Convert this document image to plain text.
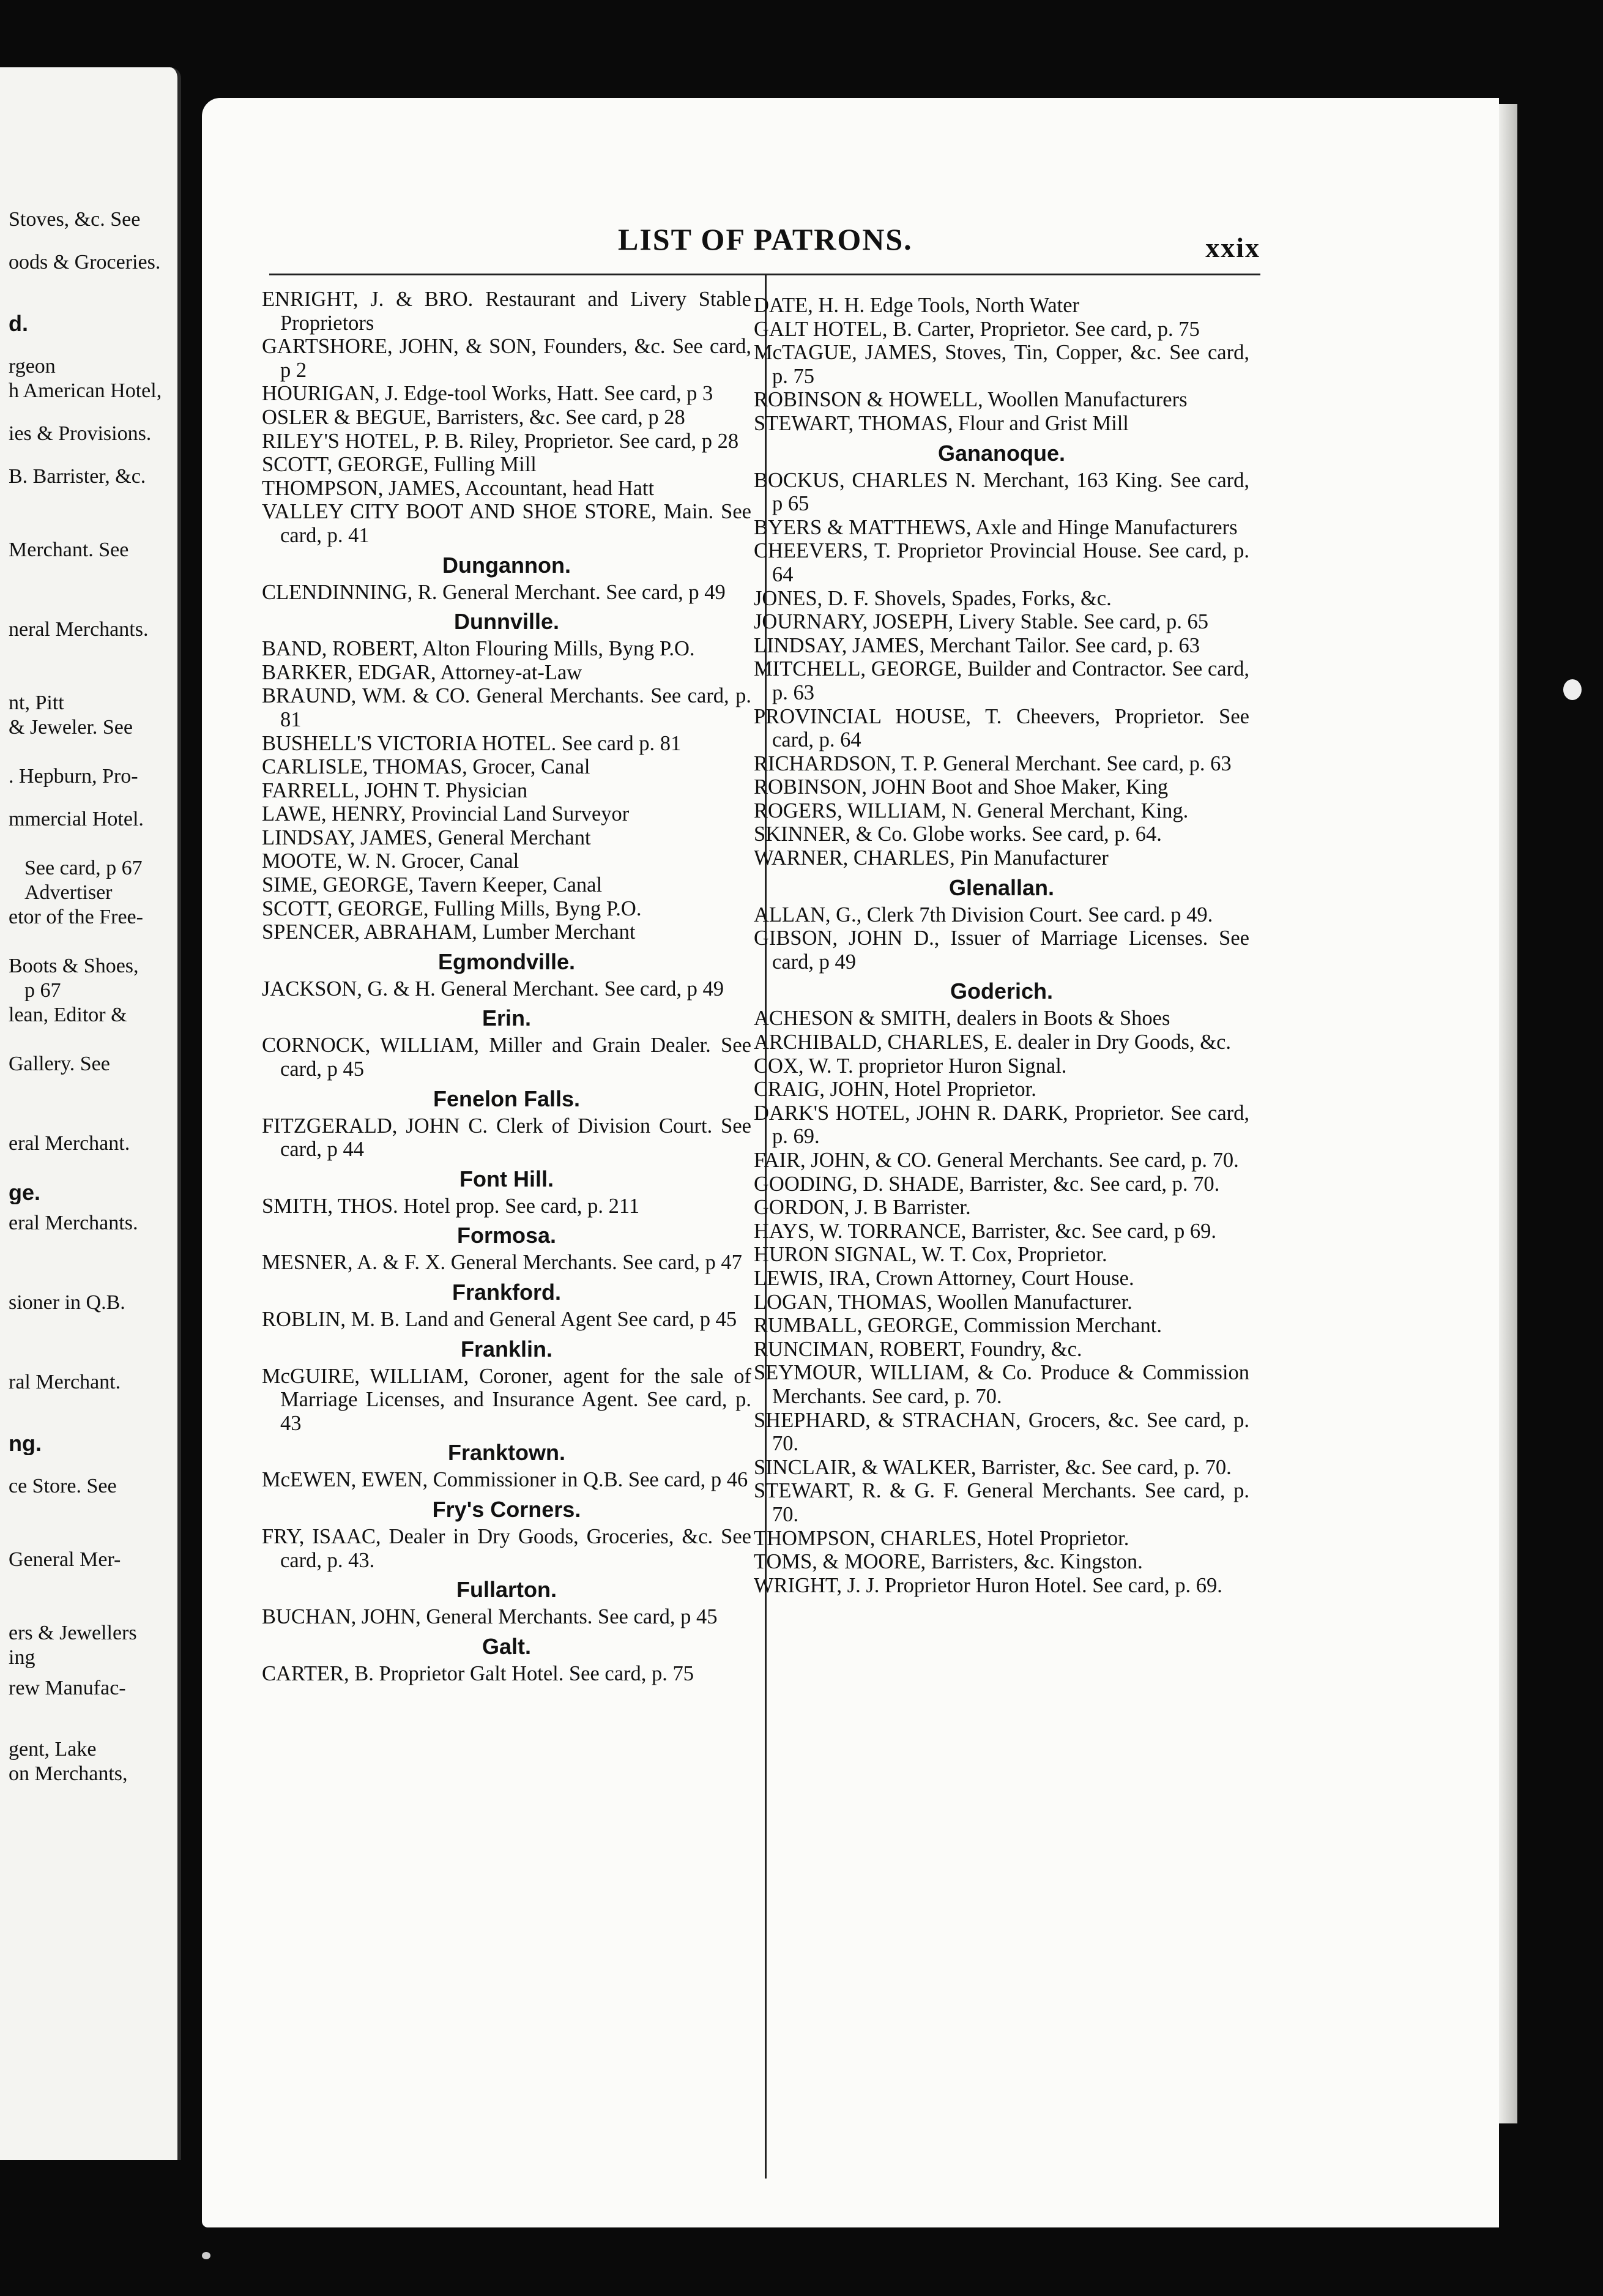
Stoves, &c. See
oods & Groceries.
d.
rgeon
h American Hotel,
ies & Provisions.
B. Barrister, &c.
Merchant. See
neral Merchants.
nt, Pitt
& Jeweler. See
. Hepburn, Pro-
mmercial Hotel.
See card, p 67
Advertiser
etor of the Free-
Boots & Shoes,
p 67
lean, Editor &
Gallery. See
eral Merchant.
ge.
eral Merchants.
sioner in Q.B.
ral Merchant.
ng.
ce Store. See
General Mer-
ers & Jewellers
ing
rew Manufac-
gent, Lake
on Merchants,
LIST OF PATRONS.	xxix

ENRIGHT, J. & BRO. Restaurant and Livery Stable Proprietors

GARTSHORE, JOHN, & SON, Founders, &c. See card, p 2

HOURIGAN, J. Edge-tool Works, Hatt. See card, p 3

OSLER & BEGUE, Barristers, &c. See card, p 28

RILEY'S HOTEL, P. B. Riley, Proprietor. See card, p 28

SCOTT, GEORGE, Fulling Mill

THOMPSON, JAMES, Accountant, head Hatt

VALLEY CITY BOOT AND SHOE STORE, Main. See card, p. 41

Dungannon.

CLENDINNING, R. General Merchant. See card, p 49

Dunnville.

BAND, ROBERT, Alton Flouring Mills, Byng P.O.

BARKER, EDGAR, Attorney-at-Law

BRAUND, WM. & CO. General Merchants. See card, p. 81

BUSHELL'S VICTORIA HOTEL. See card p. 81

CARLISLE, THOMAS, Grocer, Canal

FARRELL, JOHN T. Physician

LAWE, HENRY, Provincial Land Surveyor

LINDSAY, JAMES, General Merchant

MOOTE, W. N. Grocer, Canal

SIME, GEORGE, Tavern Keeper, Canal

SCOTT, GEORGE, Fulling Mills, Byng P.O.

SPENCER, ABRAHAM, Lumber Merchant

Egmondville.

JACKSON, G. & H. General Merchant. See card, p 49

Erin.

CORNOCK, WILLIAM, Miller and Grain Dealer. See card, p 45

Fenelon Falls.

FITZGERALD, JOHN C. Clerk of Division Court. See card, p 44

Font Hill.

SMITH, THOS. Hotel prop. See card, p. 211

Formosa.

MESNER, A. & F. X. General Merchants. See card, p 47

Frankford.

ROBLIN, M. B. Land and General Agent See card, p 45

Franklin.

McGUIRE, WILLIAM, Coroner, agent for the sale of Marriage Licenses, and Insurance Agent. See card, p. 43

Franktown.

McEWEN, EWEN, Commissioner in Q.B. See card, p 46

Fry's Corners.

FRY, ISAAC, Dealer in Dry Goods, Groceries, &c. See card, p. 43.

Fullarton.

BUCHAN, JOHN, General Merchants. See card, p 45

Galt.

CARTER, B. Proprietor Galt Hotel. See card, p. 75

DATE, H. H. Edge Tools, North Water

GALT HOTEL, B. Carter, Proprietor. See card, p. 75

McTAGUE, JAMES, Stoves, Tin, Copper, &c. See card, p. 75

ROBINSON & HOWELL, Woollen Manufacturers

STEWART, THOMAS, Flour and Grist Mill

Gananoque.

BOCKUS, CHARLES N. Merchant, 163 King. See card, p 65

BYERS & MATTHEWS, Axle and Hinge Manufacturers

CHEEVERS, T. Proprietor Provincial House. See card, p. 64

JONES, D. F. Shovels, Spades, Forks, &c.

JOURNARY, JOSEPH, Livery Stable. See card, p. 65

LINDSAY, JAMES, Merchant Tailor. See card, p. 63

MITCHELL, GEORGE, Builder and Contractor. See card, p. 63

PROVINCIAL HOUSE, T. Cheevers, Proprietor. See card, p. 64

RICHARDSON, T. P. General Merchant. See card, p. 63

ROBINSON, JOHN Boot and Shoe Maker, King

ROGERS, WILLIAM, N. General Merchant, King.

SKINNER, & Co. Globe works. See card, p. 64.

WARNER, CHARLES, Pin Manufacturer

Glenallan.

ALLAN, G., Clerk 7th Division Court. See card. p 49.

GIBSON, JOHN D., Issuer of Marriage Licenses. See card, p 49

Goderich.

ACHESON & SMITH, dealers in Boots & Shoes

ARCHIBALD, CHARLES, E. dealer in Dry Goods, &c.

COX, W. T. proprietor Huron Signal.

CRAIG, JOHN, Hotel Proprietor.

DARK'S HOTEL, JOHN R. DARK, Proprietor. See card, p. 69.

FAIR, JOHN, & CO. General Merchants. See card, p. 70.

GOODING, D. SHADE, Barrister, &c. See card, p. 70.

GORDON, J. B Barrister.

HAYS, W. TORRANCE, Barrister, &c. See card, p 69.

HURON SIGNAL, W. T. Cox, Proprietor.

LEWIS, IRA, Crown Attorney, Court House.

LOGAN, THOMAS, Woollen Manufacturer.

RUMBALL, GEORGE, Commission Merchant.

RUNCIMAN, ROBERT, Foundry, &c.

SEYMOUR, WILLIAM, & Co. Produce & Commission Merchants. See card, p. 70.

SHEPHARD, & STRACHAN, Grocers, &c. See card, p. 70.

SINCLAIR, & WALKER, Barrister, &c. See card, p. 70.

STEWART, R. & G. F. General Merchants. See card, p. 70.

THOMPSON, CHARLES, Hotel Proprietor.

TOMS, & MOORE, Barristers, &c. Kingston.

WRIGHT, J. J. Proprietor Huron Hotel. See card, p. 69.
